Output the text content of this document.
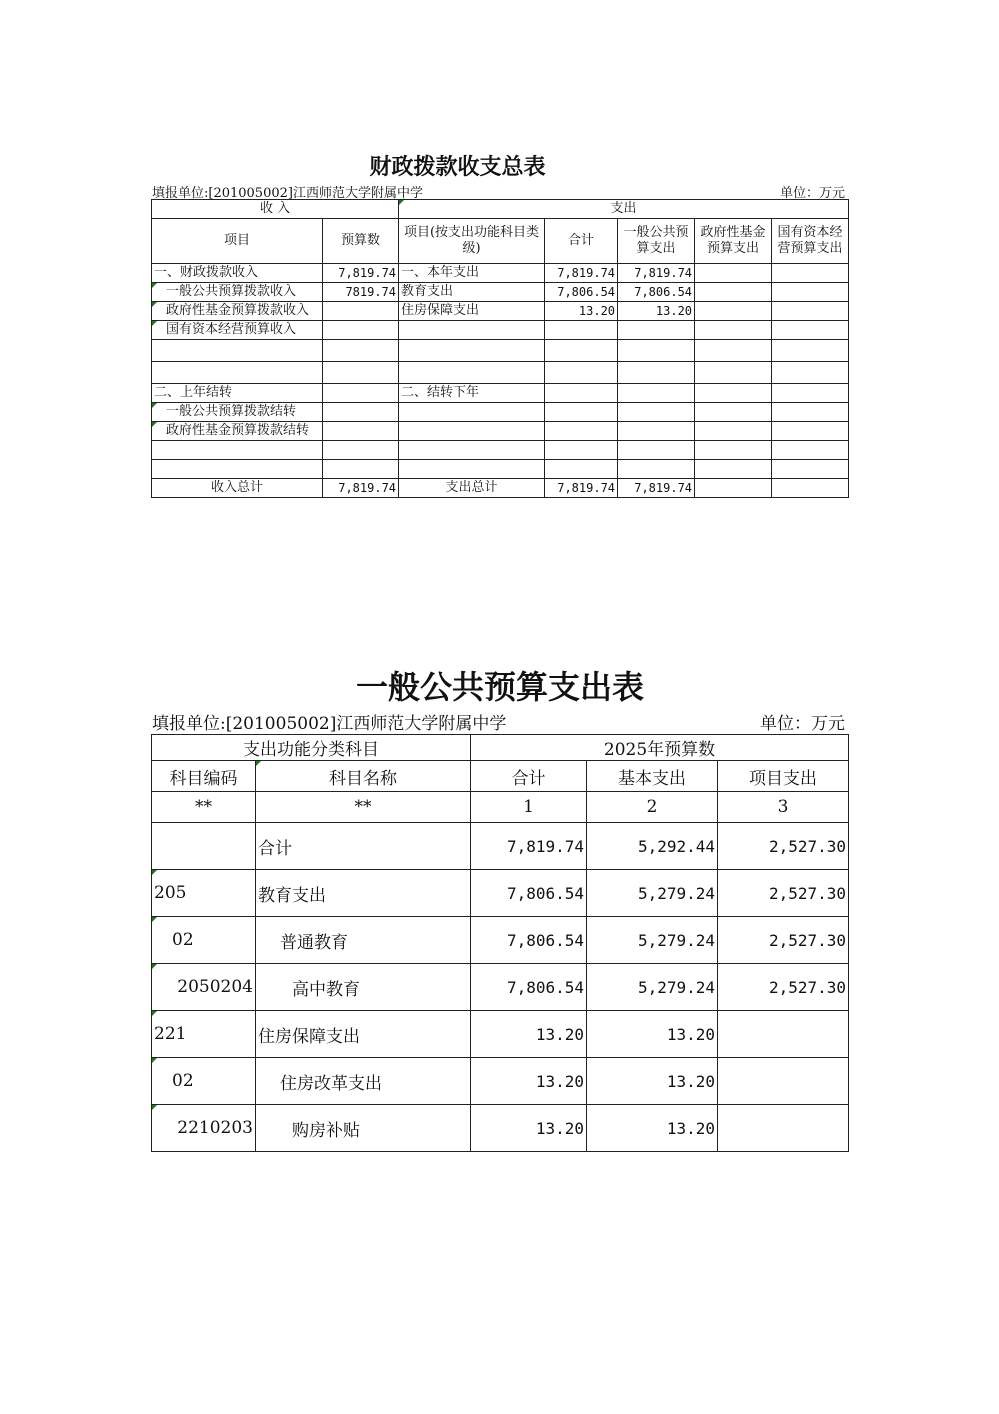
财政拨款收支总表
填报单位:[201005002]江西师范大学附属中学	单位：万元
收 入		支出				
项目	预算数	项目(按支出功能科目类级)	合计	一般公共预算支出	政府性基金预算支出	国有资本经营预算支出
一、财政拨款收入	7,819.74	一、本年支出	7,819.74	7,819.74		
一般公共预算拨款收入	7819.74	教育支出	7,806.54	7,806.54		
政府性基金预算拨款收入		住房保障支出	13.20	13.20		
国有资本经营预算收入						

二、上年结转		二、结转下年				
一般公共预算拨款结转						
政府性基金预算拨款结转						

收入总计	7,819.74	支出总计	7,819.74	7,819.74		
一般公共预算支出表
填报单位:[201005002]江西师范大学附属中学	单位：万元
支出功能分类科目		2025年预算数		
科目编码	科目名称	合计	基本支出	项目支出
**	**	1	2	3
	合计	7,819.74	5,292.44	2,527.30
205	教育支出	7,806.54	5,279.24	2,527.30
02	普通教育	7,806.54	5,279.24	2,527.30
2050204	高中教育	7,806.54	5,279.24	2,527.30
221	住房保障支出	13.20	13.20	
02	住房改革支出	13.20	13.20	
2210203	购房补贴	13.20	13.20	
